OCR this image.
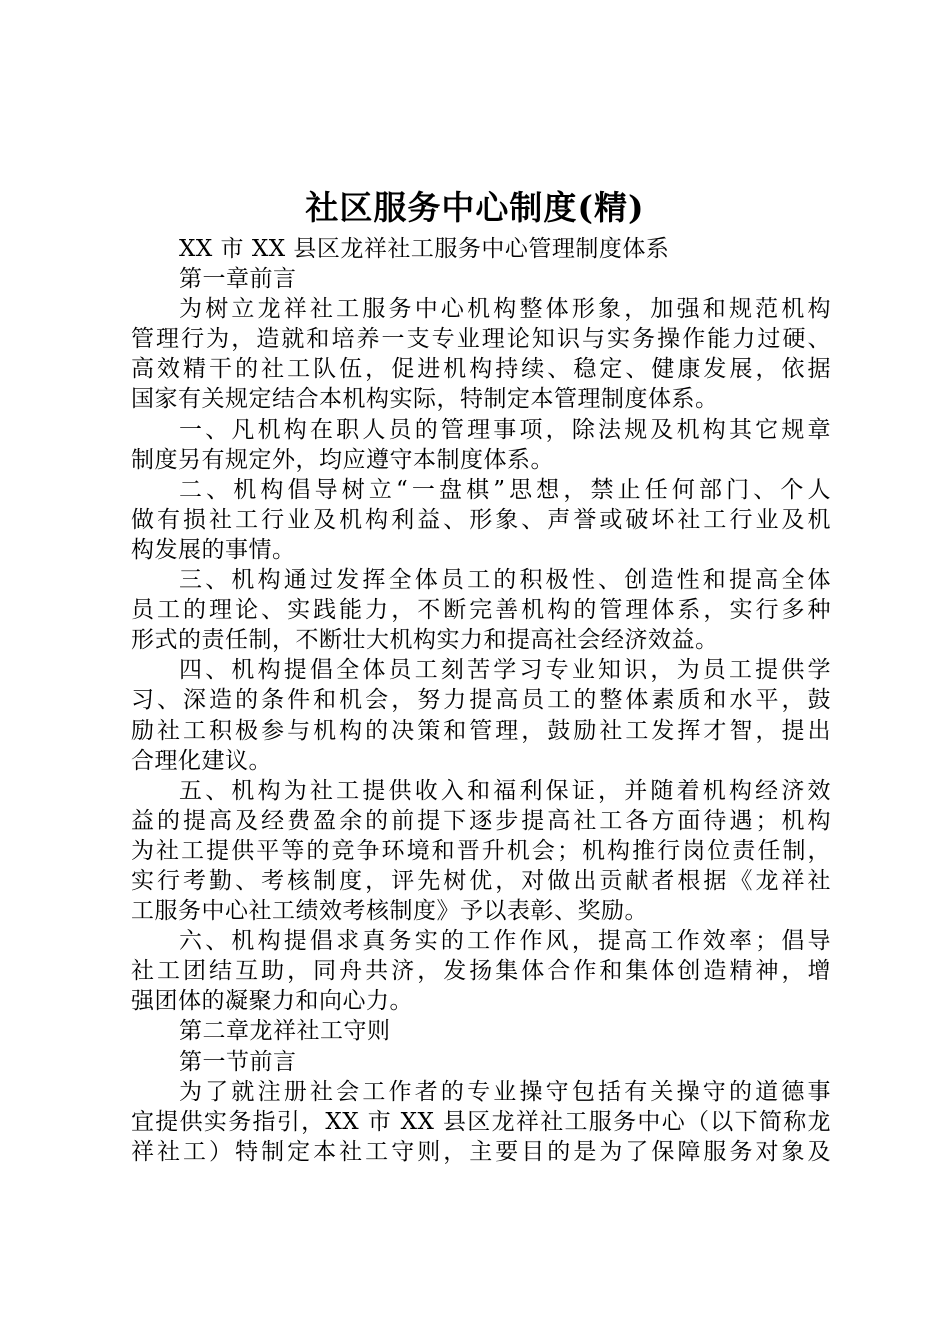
社区服务中心制度(精)

XX 市 XX 县区龙祥社工服务中心管理制度体系

第一章前言

为树立龙祥社工服务中心机构整体形象，加强和规范机构

管理行为，造就和培养一支专业理论知识与实务操作能力过硬、

高效精干的社工队伍，促进机构持续、稳定、健康发展，依据

国家有关规定结合本机构实际，特制定本管理制度体系。

一、凡机构在职人员的管理事项，除法规及机构其它规章

制度另有规定外，均应遵守本制度体系。

二、机构倡导树立“一盘棋”思想，禁止任何部门、个人

做有损社工行业及机构利益、形象、声誉或破坏社工行业及机

构发展的事情。

三、机构通过发挥全体员工的积极性、创造性和提高全体

员工的理论、实践能力，不断完善机构的管理体系，实行多种

形式的责任制，不断壮大机构实力和提高社会经济效益。

四、机构提倡全体员工刻苦学习专业知识，为员工提供学

习、深造的条件和机会，努力提高员工的整体素质和水平，鼓

励社工积极参与机构的决策和管理，鼓励社工发挥才智，提出

合理化建议。

五、机构为社工提供收入和福利保证，并随着机构经济效

益的提高及经费盈余的前提下逐步提高社工各方面待遇；机构

为社工提供平等的竞争环境和晋升机会；机构推行岗位责任制，

实行考勤、考核制度，评先树优，对做出贡献者根据《龙祥社

工服务中心社工绩效考核制度》予以表彰、奖励。

六、机构提倡求真务实的工作作风，提高工作效率；倡导

社工团结互助，同舟共济，发扬集体合作和集体创造精神，增

强团体的凝聚力和向心力。

第二章龙祥社工守则

第一节前言

为了就注册社会工作者的专业操守包括有关操守的道德事

宜提供实务指引，XX 市 XX 县区龙祥社工服务中心（以下简称龙

祥社工）特制定本社工守则，主要目的是为了保障服务对象及
